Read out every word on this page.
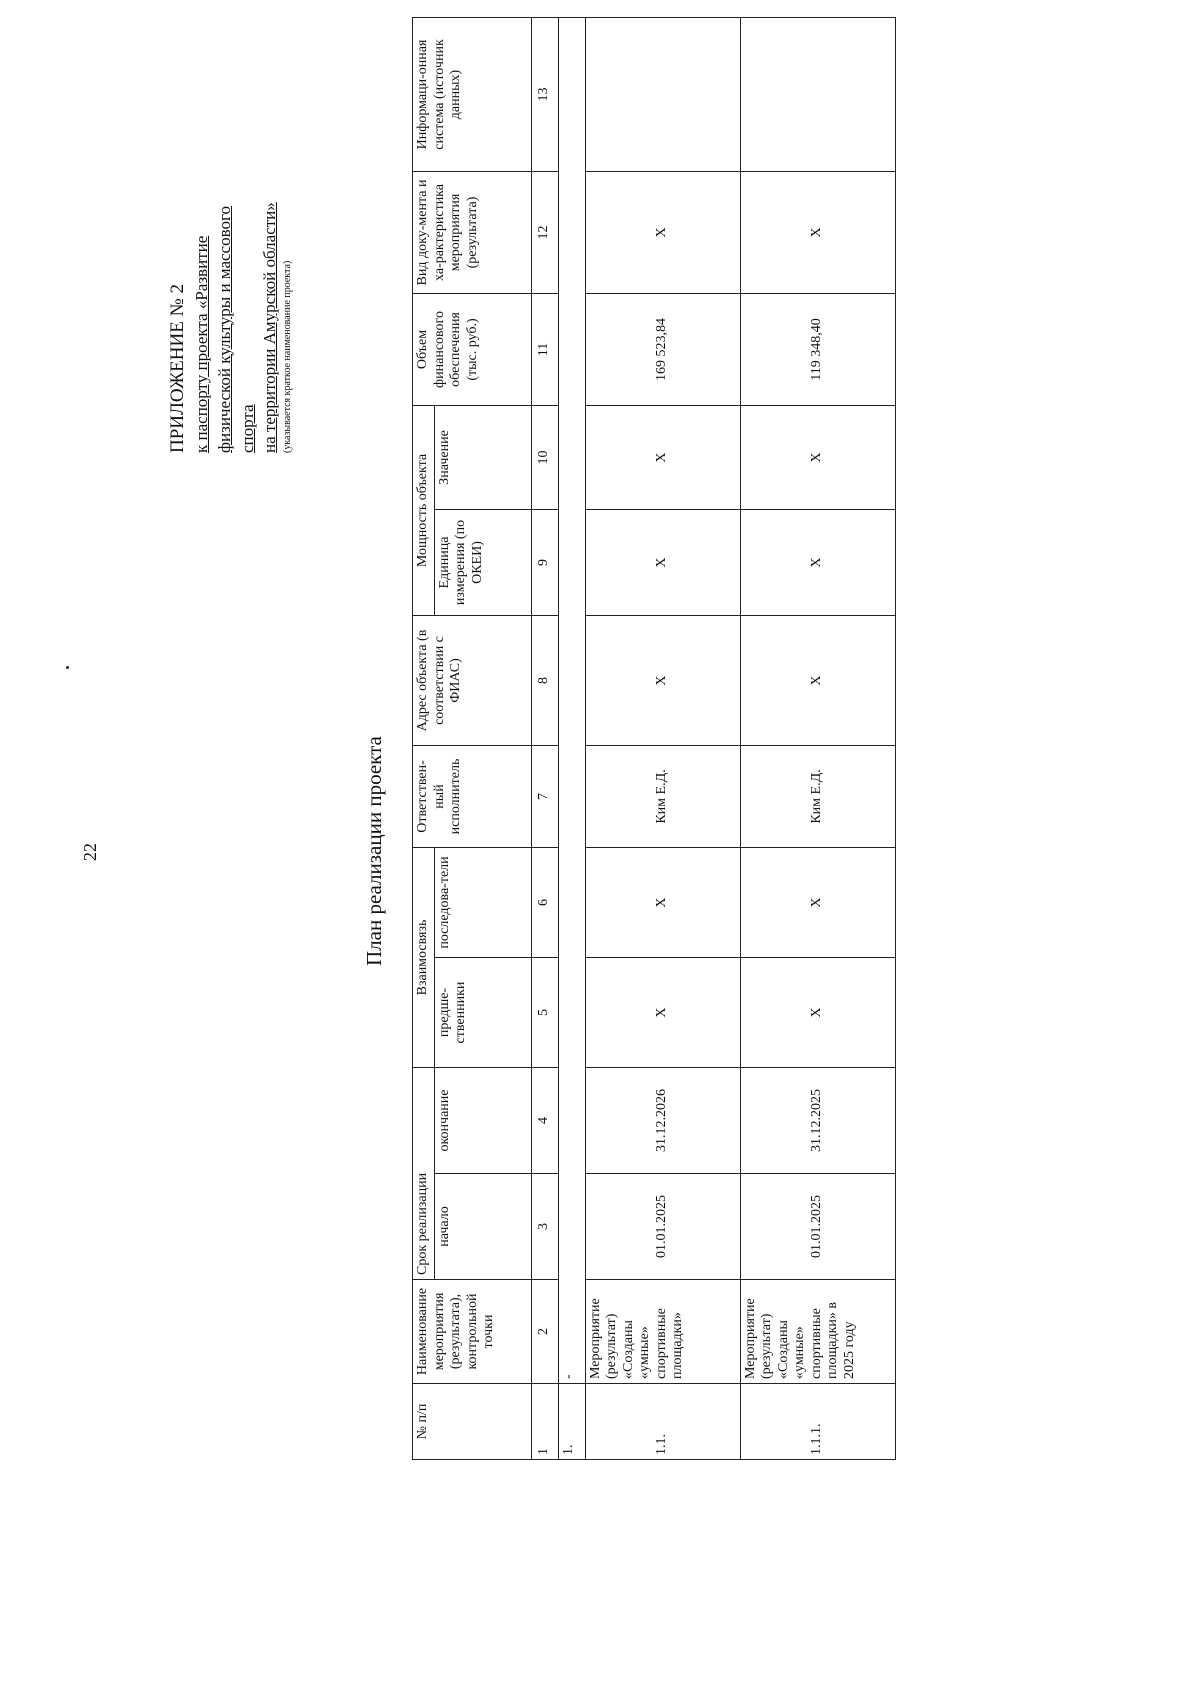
22
ПРИЛОЖЕНИЕ № 2 к паспорту проекта «Развитие физической культуры и массового спорта на территории Амурской области» (указывается краткое наименование проекта)
План реализации проекта
№ п/п	Наименование мероприятия (результата), контрольной точки	Срок реализации		Взаимосвязь		Ответствен-ный исполнитель	Адрес объекта (в соответствии с ФИАС)	Мощность объекта		Объем финансового обеспечения (тыс. руб.)	Вид доку-мента и ха-рактеристика мероприятия (результата)	Информаци-онная система (источник данных)
		начало	окончание	предше-ственники	последова-тели			Единица измерения (по ОКЕИ)	Значение			
1	2	3	4	5	6	7	8	9	10	11	12	13
1.	-											
1.1.	Мероприятие (результат) «Созданы «умные» спортивные площадки»	01.01.2025	31.12.2026	X	X	Ким Е.Д.	X	X	X	169 523,84	X	
1.1.1.	Мероприятие (результат) «Созданы «умные» спортивные площадки» в 2025 году	01.01.2025	31.12.2025	X	X	Ким Е.Д.	X	X	X	119 348,40	X	
